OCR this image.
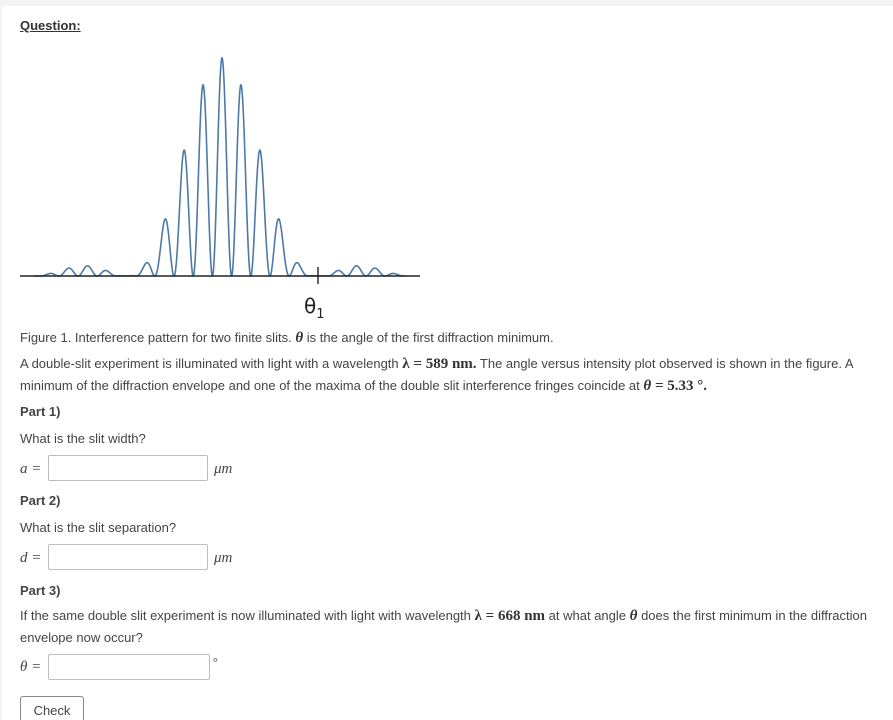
Question:
$\theta_1$
Figure 1. Interference pattern for two finite slits. θ is the angle of the first diffraction minimum.
A double-slit experiment is illuminated with light with a wavelength λ = 589 nm. The angle versus intensity plot observed is shown in the figure. A
minimum of the diffraction envelope and one of the maxima of the double slit interference fringes coincide at θ = 5.33 °.
Part 1)
What is the slit width?
a =	μm
Part 2)
What is the slit separation?
d =	μm
Part 3)
If the same double slit experiment is now illuminated with light with wavelength λ = 668 nm at what angle θ does the first minimum in the diffraction
envelope now occur?
θ =	°
Check
